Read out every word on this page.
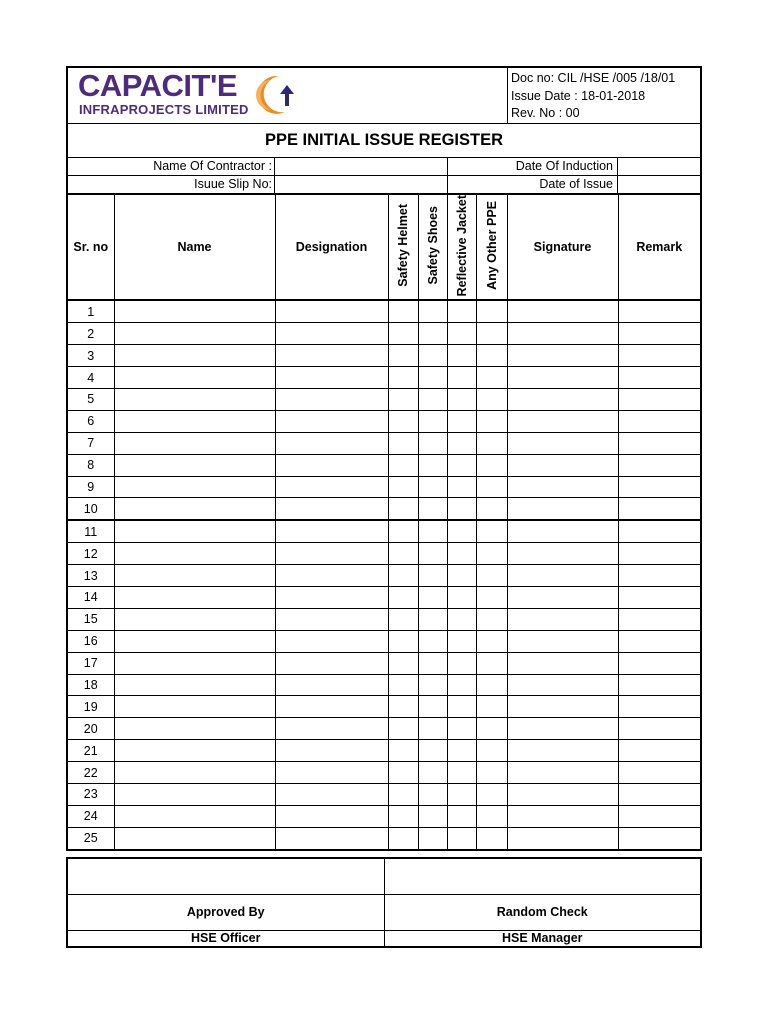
CAPACIT'E
INFRAPROJECTS LIMITED
Doc no: CIL /HSE /005 /18/01
Issue Date : 18-01-2018
Rev. No : 00
PPE INITIAL ISSUE REGISTER
Name Of Contractor :	Date Of Induction
Isuue Slip No:	Date of Issue
Sr. no	Name	Designation	Safety Helmet	Safety Shoes	Reflective Jacket	Any Other PPE	Signature	Remark
1								
2								
3								
4								
5								
6								
7								
8								
9								
10								
11								
12								
13								
14								
15								
16								
17								
18								
19								
20								
21								
22								
23								
24								
25								
Approved By	Random Check
HSE Officer	HSE Manager
